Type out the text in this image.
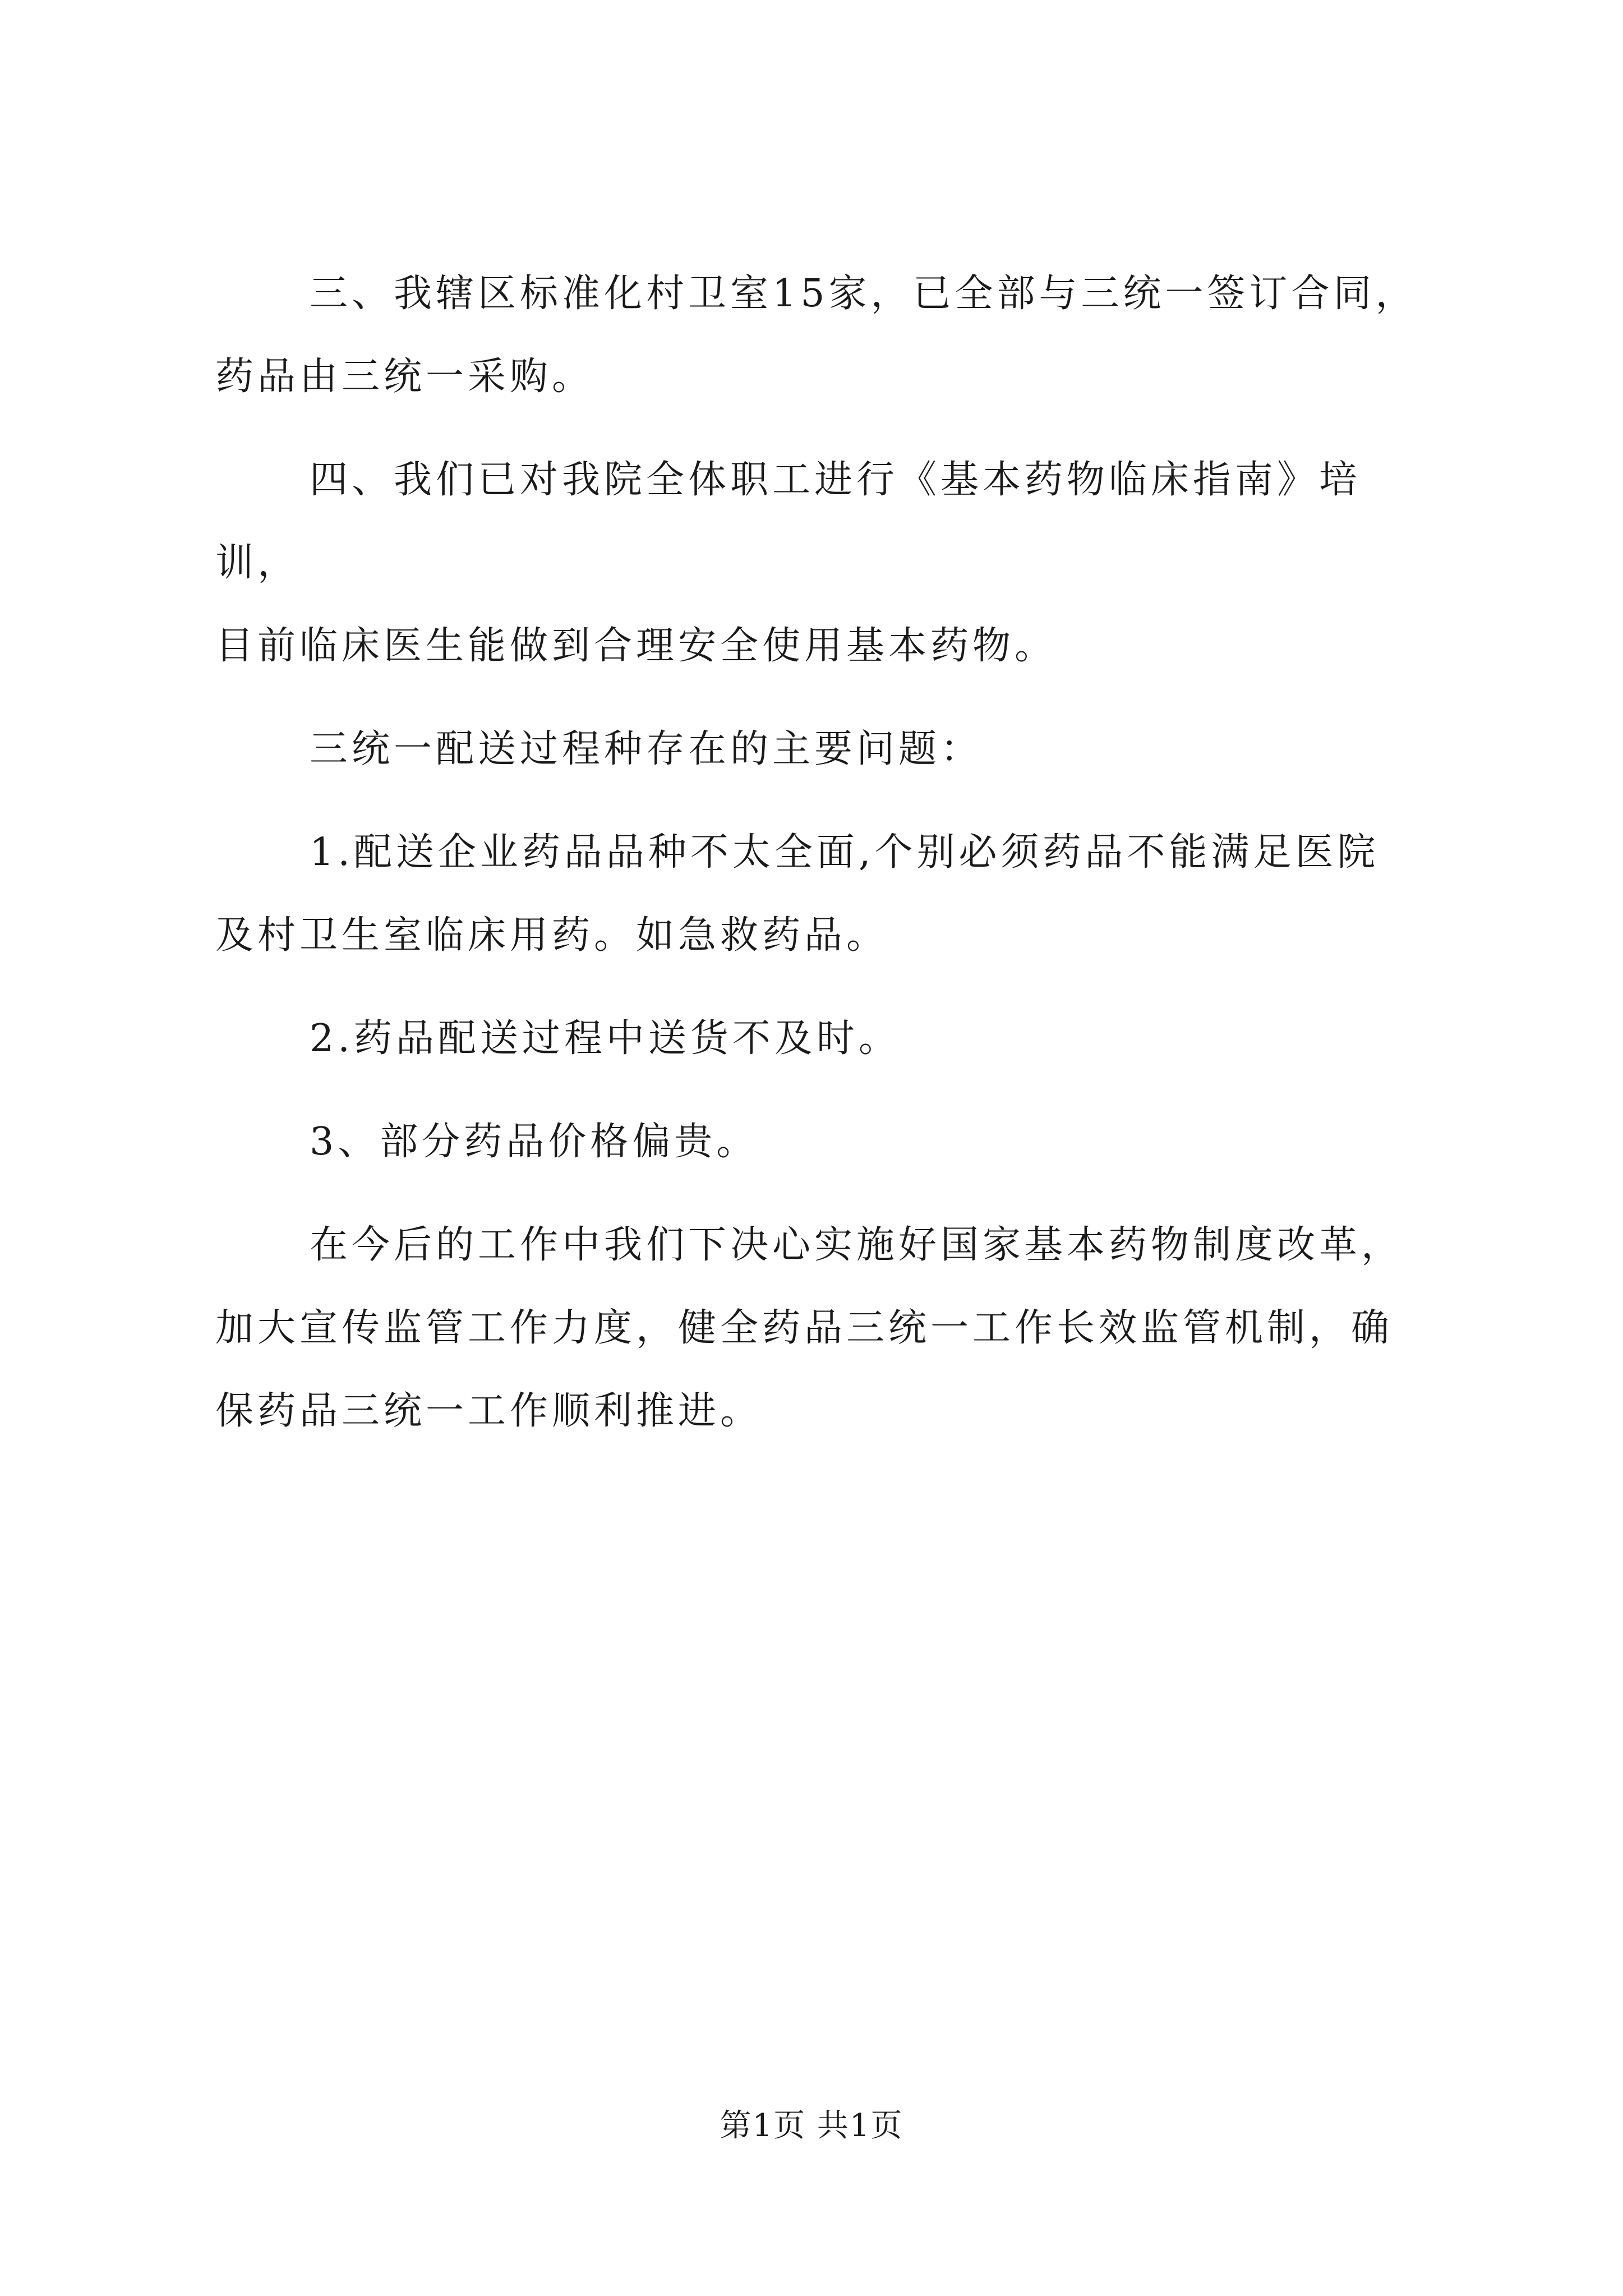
三、我辖区标准化村卫室15家，已全部与三统一签订合同，
药品由三统一采购。

四、我们已对我院全体职工进行《基本药物临床指南》培训，
目前临床医生能做到合理安全使用基本药物。

三统一配送过程种存在的主要问题：

1.配送企业药品品种不太全面,个别必须药品不能满足医院
及村卫生室临床用药。如急救药品。

2.药品配送过程中送货不及时。

3、部分药品价格偏贵。

在今后的工作中我们下决心实施好国家基本药物制度改革，
加大宣传监管工作力度，健全药品三统一工作长效监管机制，确
保药品三统一工作顺利推进。

第1页 共1页
